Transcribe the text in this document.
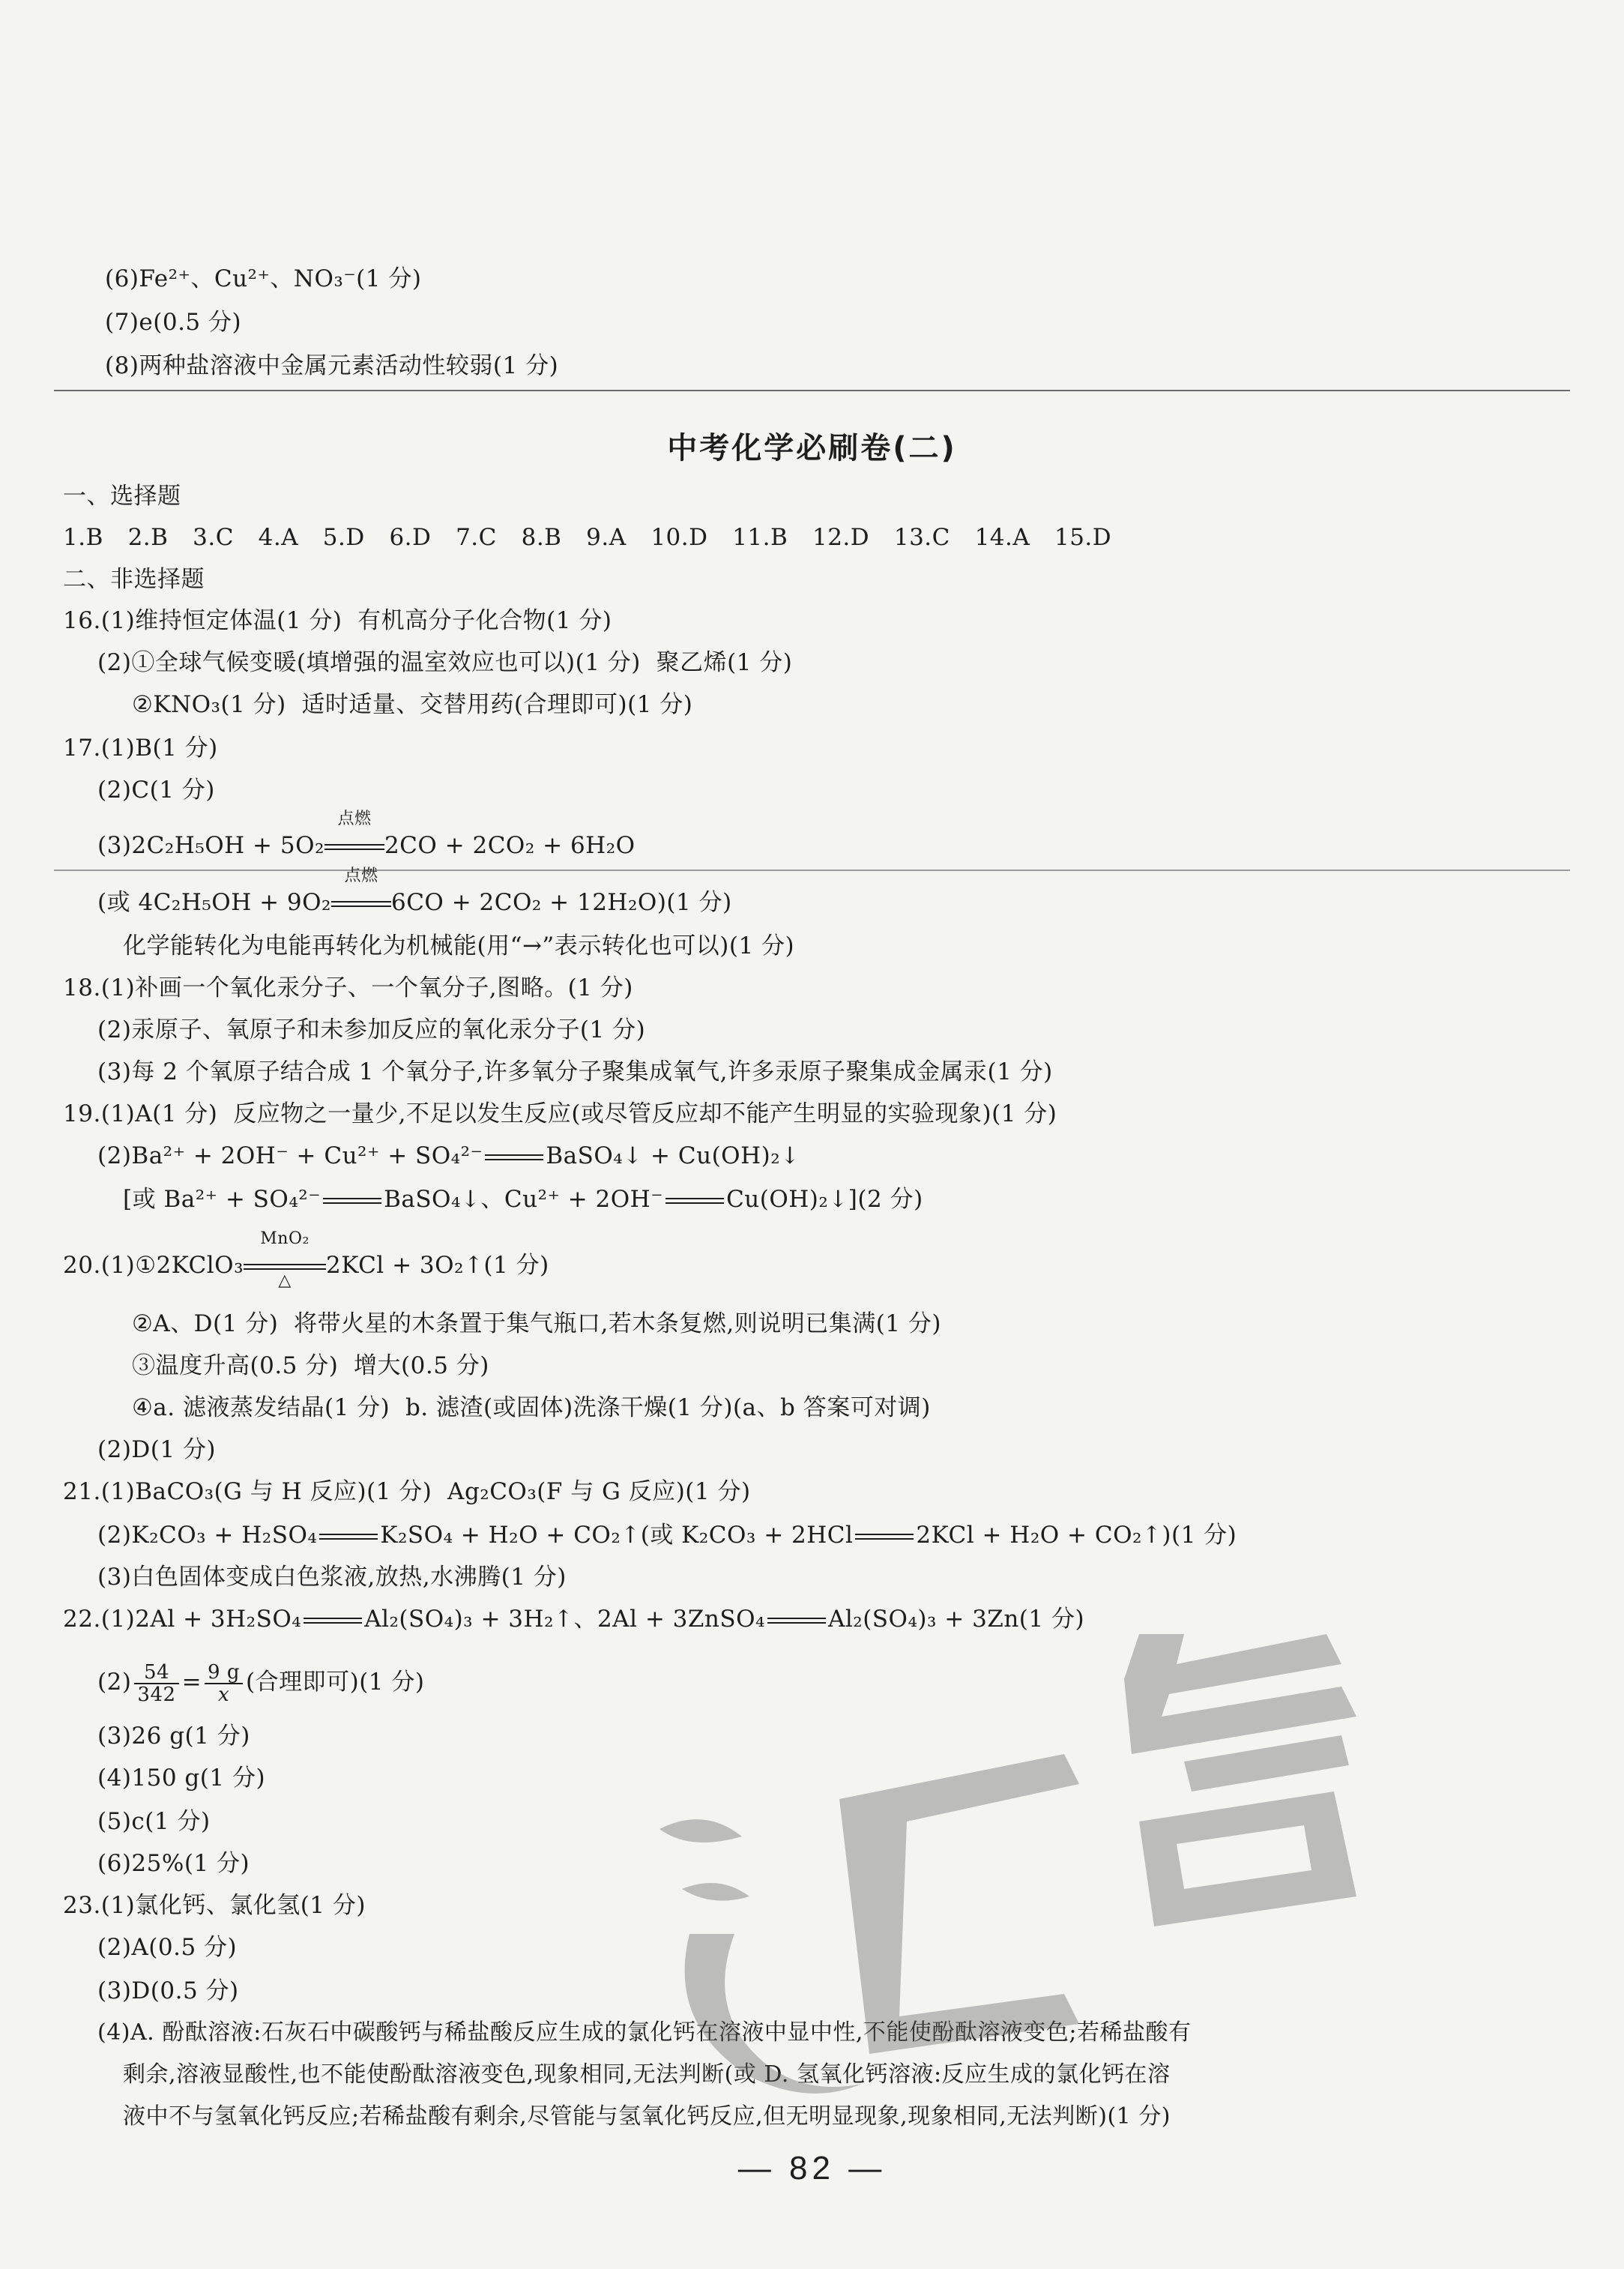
(6)Fe²⁺、Cu²⁺、NO₃⁻(1 分)
(7)e(0.5 分)
(8)两种盐溶液中金属元素活动性较弱(1 分)
中考化学必刷卷(二)
一、选择题
1.B  2.B  3.C  4.A  5.D  6.D  7.C  8.B  9.A  10.D  11.B  12.D  13.C  14.A  15.D
二、非选择题
16.(1)维持恒定体温(1 分)  有机高分子化合物(1 分)
(2)①全球气候变暖(填增强的温室效应也可以)(1 分)  聚乙烯(1 分)
②KNO₃(1 分)  适时适量、交替用药(合理即可)(1 分)
17.(1)B(1 分)
(2)C(1 分)
(3)2C₂H₅OH + 5O₂
点燃
2CO + 2CO₂ + 6H₂O
(或 4C₂H₅OH + 9O₂
点燃
6CO + 2CO₂ + 12H₂O)(1 分)
化学能转化为电能再转化为机械能(用“→”表示转化也可以)(1 分)
18.(1)补画一个氧化汞分子、一个氧分子,图略。(1 分)
(2)汞原子、氧原子和未参加反应的氧化汞分子(1 分)
(3)每 2 个氧原子结合成 1 个氧分子,许多氧分子聚集成氧气,许多汞原子聚集成金属汞(1 分)
19.(1)A(1 分)  反应物之一量少,不足以发生反应(或尽管反应却不能产生明显的实验现象)(1 分)
(2)Ba²⁺ + 2OH⁻ + Cu²⁺ + SO₄²⁻	BaSO₄↓ + Cu(OH)₂↓
[或 Ba²⁺ + SO₄²⁻	BaSO₄↓、Cu²⁺ + 2OH⁻	Cu(OH)₂↓](2 分)
20.(1)①2KClO₃
MnO₂
△
2KCl + 3O₂↑(1 分)
②A、D(1 分)  将带火星的木条置于集气瓶口,若木条复燃,则说明已集满(1 分)
③温度升高(0.5 分)  增大(0.5 分)
④a. 滤液蒸发结晶(1 分)  b. 滤渣(或固体)洗涤干燥(1 分)(a、b 答案可对调)
(2)D(1 分)
21.(1)BaCO₃(G 与 H 反应)(1 分)  Ag₂CO₃(F 与 G 反应)(1 分)
(2)K₂CO₃ + H₂SO₄	K₂SO₄ + H₂O + CO₂↑(或 K₂CO₃ + 2HCl	2KCl + H₂O + CO₂↑)(1 分)
(3)白色固体变成白色浆液,放热,水沸腾(1 分)
22.(1)2Al + 3H₂SO₄	Al₂(SO₄)₃ + 3H₂↑、2Al + 3ZnSO₄	Al₂(SO₄)₃ + 3Zn(1 分)
$(2) \frac{54}{342} = \frac{9 g}{x}$ (合理即可)(1 分)
(3)26 g(1 分)
(4)150 g(1 分)
(5)c(1 分)
(6)25%(1 分)
23.(1)氯化钙、氯化氢(1 分)
(2)A(0.5 分)
(3)D(0.5 分)
(4)A. 酚酞溶液:石灰石中碳酸钙与稀盐酸反应生成的氯化钙在溶液中显中性,不能使酚酞溶液变色;若稀盐酸有
剩余,溶液显酸性,也不能使酚酞溶液变色,现象相同,无法判断(或 D. 氢氧化钙溶液:反应生成的氯化钙在溶
液中不与氢氧化钙反应;若稀盐酸有剩余,尽管能与氢氧化钙反应,但无明显现象,现象相同,无法判断)(1 分)
汇考
— 82 —
